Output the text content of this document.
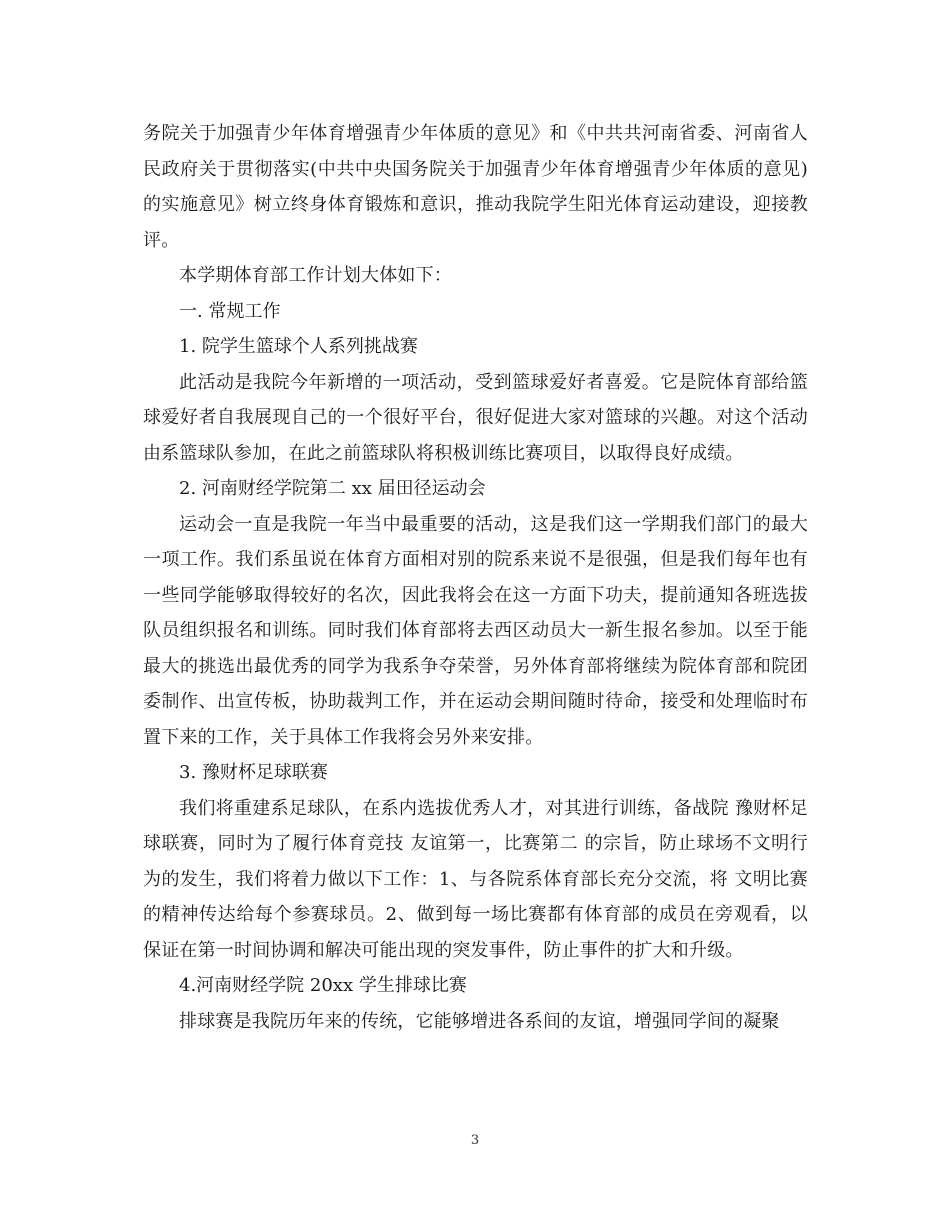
务院关于加强青少年体育增强青少年体质的意见》和《中共共河南省委、河南省人民政府关于贯彻落实(中共中央国务院关于加强青少年体育增强青少年体质的意见)的实施意见》树立终身体育锻炼和意识，推动我院学生阳光体育运动建设，迎接教评。

本学期体育部工作计划大体如下：

一. 常规工作

1. 院学生篮球个人系列挑战赛

此活动是我院今年新增的一项活动，受到篮球爱好者喜爱。它是院体育部给篮球爱好者自我展现自己的一个很好平台，很好促进大家对篮球的兴趣。对这个活动由系篮球队参加，在此之前篮球队将积极训练比赛项目，以取得良好成绩。

2. 河南财经学院第二 xx 届田径运动会

运动会一直是我院一年当中最重要的活动，这是我们这一学期我们部门的最大一项工作。我们系虽说在体育方面相对别的院系来说不是很强，但是我们每年也有一些同学能够取得较好的名次，因此我将会在这一方面下功夫，提前通知各班选拔队员组织报名和训练。同时我们体育部将去西区动员大一新生报名参加。以至于能最大的挑选出最优秀的同学为我系争夺荣誉，另外体育部将继续为院体育部和院团委制作、出宣传板，协助裁判工作，并在运动会期间随时待命，接受和处理临时布置下来的工作，关于具体工作我将会另外来安排。

3. 豫财杯足球联赛

我们将重建系足球队，在系内选拔优秀人才，对其进行训练，备战院 豫财杯足球联赛，同时为了履行体育竞技 友谊第一，比赛第二 的宗旨，防止球场不文明行为的发生，我们将着力做以下工作：1、与各院系体育部长充分交流，将 文明比赛 的精神传达给每个参赛球员。2、做到每一场比赛都有体育部的成员在旁观看，以保证在第一时间协调和解决可能出现的突发事件，防止事件的扩大和升级。

4.河南财经学院 20xx 学生排球比赛

排球赛是我院历年来的传统，它能够增进各系间的友谊，增强同学间的凝聚

3
